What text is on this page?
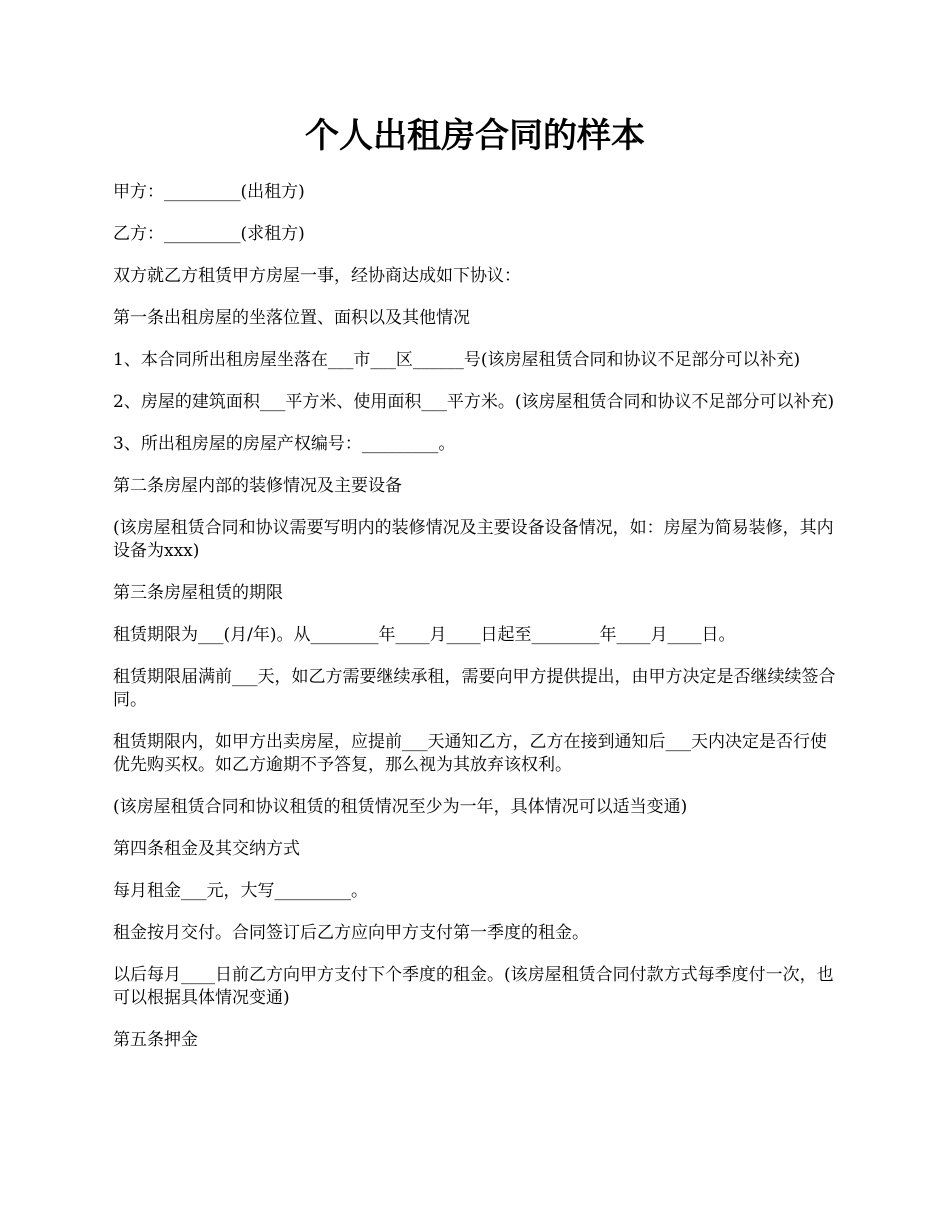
个人出租房合同的样本

甲方：_________(出租方)

乙方：_________(求租方)

双方就乙方租赁甲方房屋一事，经协商达成如下协议：

第一条出租房屋的坐落位置、面积以及其他情况

1、本合同所出租房屋坐落在___市___区______号(该房屋租赁合同和协议不足部分可以补充)

2、房屋的建筑面积___平方米、使用面积___平方米。(该房屋租赁合同和协议不足部分可以补充)

3、所出租房屋的房屋产权编号：_________。

第二条房屋内部的装修情况及主要设备

(该房屋租赁合同和协议需要写明内的装修情况及主要设备设备情况，如：房屋为简易装修，其内设备为xxx)

第三条房屋租赁的期限

租赁期限为___(月/年)。从________年____月____日起至________年____月____日。

租赁期限届满前___天，如乙方需要继续承租，需要向甲方提供提出，由甲方决定是否继续续签合同。

租赁期限内，如甲方出卖房屋，应提前___天通知乙方，乙方在接到通知后___天内决定是否行使优先购买权。如乙方逾期不予答复，那么视为其放弃该权利。

(该房屋租赁合同和协议租赁的租赁情况至少为一年，具体情况可以适当变通)

第四条租金及其交纳方式

每月租金___元，大写_________。

租金按月交付。合同签订后乙方应向甲方支付第一季度的租金。

以后每月____日前乙方向甲方支付下个季度的租金。(该房屋租赁合同付款方式每季度付一次，也可以根据具体情况变通)

第五条押金
